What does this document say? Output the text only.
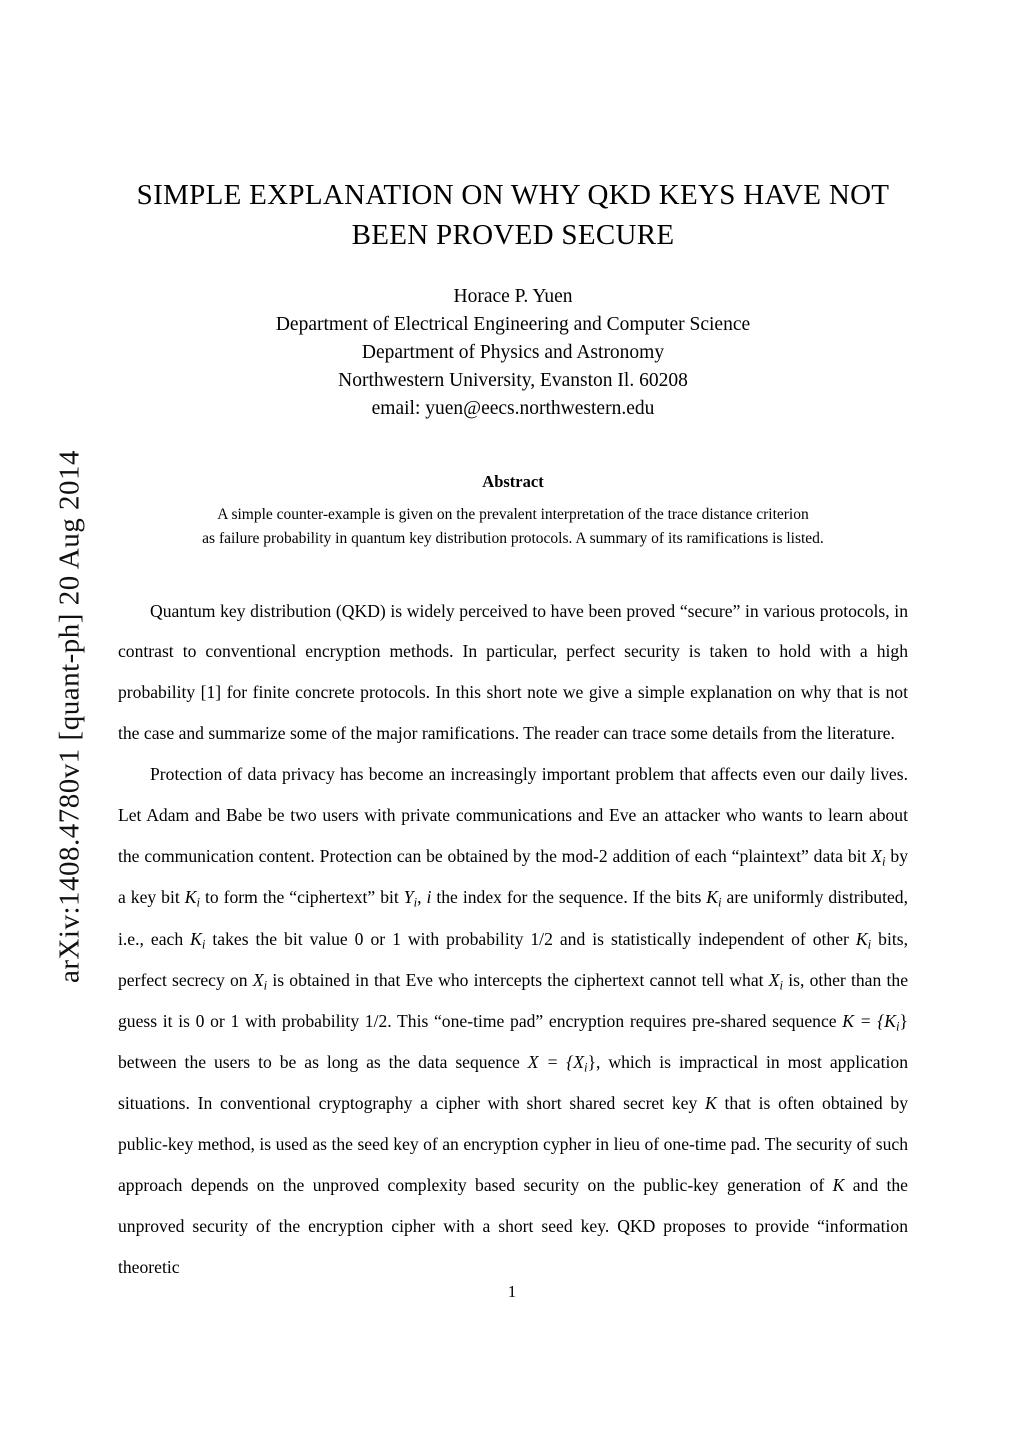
arXiv:1408.4780v1 [quant-ph] 20 Aug 2014
SIMPLE EXPLANATION ON WHY QKD KEYS HAVE NOT
BEEN PROVED SECURE
Horace P. Yuen
Department of Electrical Engineering and Computer Science
Department of Physics and Astronomy
Northwestern University, Evanston Il. 60208
email: yuen@eecs.northwestern.edu
Abstract
A simple counter-example is given on the prevalent interpretation of the trace distance criterion
as failure probability in quantum key distribution protocols. A summary of its ramifications is listed.

Quantum key distribution (QKD) is widely perceived to have been proved “secure” in various protocols, in contrast to conventional encryption methods. In particular, perfect security is taken to hold with a high probability [1] for finite concrete protocols. In this short note we give a simple explanation on why that is not the case and summarize some of the major ramifications. The reader can trace some details from the literature.

Protection of data privacy has become an increasingly important problem that affects even our daily lives. Let Adam and Babe be two users with private communications and Eve an attacker who wants to learn about the communication content. Protection can be obtained by the mod-2 addition of each “plaintext” data bit $X_i$ by a key bit $K_i$ to form the “ciphertext” bit $Y_i$, i the index for the sequence. If the bits $K_i$ are uniformly distributed, i.e., each $K_i$ takes the bit value 0 or 1 with probability 1/2 and is statistically independent of other $K_i$ bits, perfect secrecy on $X_i$ is obtained in that Eve who intercepts the ciphertext cannot tell what $X_i$ is, other than the guess it is 0 or 1 with probability 1/2. This “one-time pad” encryption requires pre-shared sequence $K = \{K_i\}$ between the users to be as long as the data sequence $X = \{X_i\}$, which is impractical in most application situations. In conventional cryptography a cipher with short shared secret key K that is often obtained by public-key method, is used as the seed key of an encryption cypher in lieu of one-time pad. The security of such approach depends on the unproved complexity based security on the public-key generation of K and the unproved security of the encryption cipher with a short seed key. QKD proposes to provide “information theoretic

1
